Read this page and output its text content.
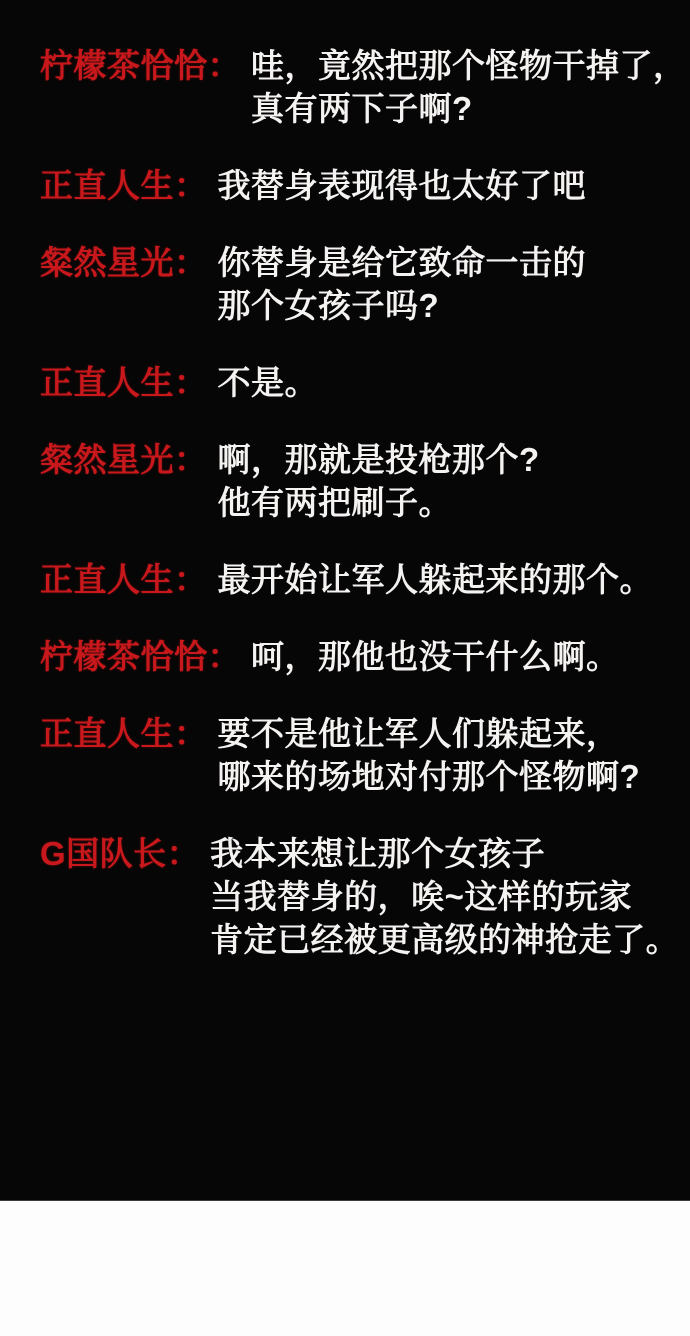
柠檬茶恰恰： 哇，竟然把那个怪物干掉了，
真有两下子啊?
正直人生： 我替身表现得也太好了吧
粲然星光： 你替身是给它致命一击的
那个女孩子吗?
正直人生： 不是。
粲然星光： 啊，那就是投枪那个?
他有两把刷子。
正直人生： 最开始让军人躲起来的那个。
柠檬茶恰恰： 呵，那他也没干什么啊。
正直人生： 要不是他让军人们躲起来，
哪来的场地对付那个怪物啊?
G国队长： 我本来想让那个女孩子
当我替身的，唉~这样的玩家
肯定已经被更高级的神抢走了。
